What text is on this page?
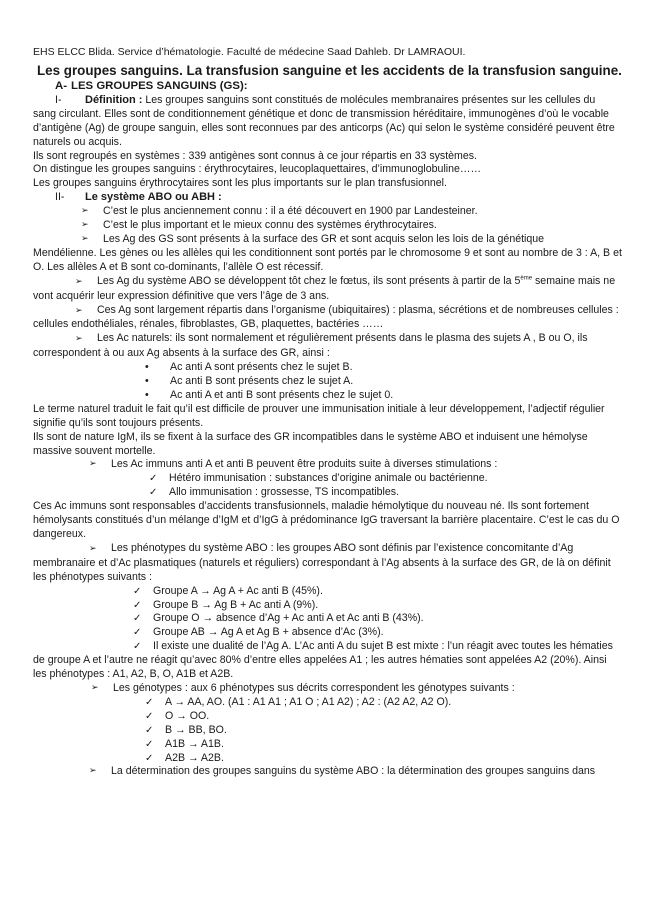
EHS ELCC Blida. Service d’hématologie. Faculté de médecine Saad Dahleb. Dr LAMRAOUI.

Les groupes sanguins. La transfusion sanguine et les accidents de la transfusion sanguine.

A- LES GROUPES SANGUINS (GS):
I-	Définition : Les groupes sanguins sont constitués de molécules membranaires présentes sur les cellules du

sang circulant. Elles sont de conditionnement génétique et donc de transmission héréditaire, immunogènes d’où le vocable d’antigène (Ag) de groupe sanguin, elles sont reconnues par des anticorps (Ac) qui selon le système considéré peuvent être naturels ou acquis.

Ils sont regroupés en systèmes : 339 antigènes sont connus à ce jour répartis en 33 systèmes.

On distingue les groupes sanguins : érythrocytaires, leucoplaquettaires, d’immunoglobuline……

Les groupes sanguins érythrocytaires sont les plus importants sur le plan transfusionnel.

II-	Le système ABO ou ABH :
➢	C’est le plus anciennement connu : il a été découvert en 1900 par Landesteiner.
➢	C’est le plus important et le mieux connu des systèmes érythrocytaires.
➢	Les Ag des GS sont présents à la surface des GR et sont acquis selon les lois de la génétique

Mendélienne. Les gènes ou les allèles qui les conditionnent sont portés par le chromosome 9 et sont au nombre de 3 : A, B et O. Les allèles A et B sont co-dominants, l’allèle O est récessif.

➢ Les Ag du système ABO se développent tôt chez le fœtus, ils sont présents à partir de la 5ème semaine mais ne vont acquérir leur expression définitive que vers l’âge de 3 ans.

➢ Ces Ag sont largement répartis dans l’organisme (ubiquitaires) : plasma, sécrétions et de nombreuses cellules : cellules endothéliales, rénales, fibroblastes, GB, plaquettes, bactéries ……

➢ Les Ac naturels: ils sont normalement et régulièrement présents dans le plasma des sujets A , B ou O, ils correspondent à ou aux Ag absents à la surface des GR, ainsi :

•	Ac anti A sont présents chez le sujet B.
•	Ac anti B sont présents chez le sujet A.
•	Ac anti A et anti B sont présents chez le sujet 0.

Le terme naturel traduit le fait qu’il est difficile de prouver une immunisation initiale à leur développement, l’adjectif régulier signifie qu’ils sont toujours présents.

Ils sont de nature IgM, ils se fixent à la surface des GR incompatibles dans le système ABO et induisent une hémolyse massive souvent mortelle.

➢	Les Ac immuns anti A et anti B peuvent être produits suite à diverses stimulations :
✓	Hétéro immunisation : substances d’origine animale ou bactérienne.
✓	Allo immunisation : grossesse, TS incompatibles.

Ces Ac immuns sont responsables d’accidents transfusionnels, maladie hémolytique du nouveau né. Ils sont fortement hémolysants constitués d’un mélange d’IgM et d’IgG à prédominance IgG traversant la barrière placentaire. C’est le cas du O dangereux.

➢ Les phénotypes du système ABO : les groupes ABO sont définis par l’existence concomitante d’Ag membranaire et d’Ac plasmatiques (naturels et réguliers) correspondant à l’Ag absents à la surface des GR, de là on définit les phénotypes suivants :

✓	Groupe A → Ag A + Ac anti B (45%).
✓	Groupe B → Ag B + Ac anti A (9%).
✓	Groupe O → absence d’Ag + Ac anti A et Ac anti B (43%).
✓	Groupe AB → Ag A et Ag B + absence d’Ac (3%).

✓ Il existe une dualité de l’Ag A. L’Ac anti A du sujet B est mixte : l’un réagit avec toutes les hématies de groupe A et l’autre ne réagit qu’avec 80% d’entre elles appelées A1 ; les autres hématies sont appelées A2 (20%). Ainsi les phénotypes : A1, A2, B, O, A1B et A2B.

➢	Les génotypes : aux 6 phénotypes sus décrits correspondent les génotypes suivants :
✓	A → AA, AO. (A1 : A1 A1 ; A1 O ; A1 A2) ; A2 : (A2 A2, A2 O).
✓	O → OO.
✓	B → BB, BO.
✓	A1B → A1B.
✓	A2B → A2B.
➢	La détermination des groupes sanguins du système ABO : la détermination des groupes sanguins dans
